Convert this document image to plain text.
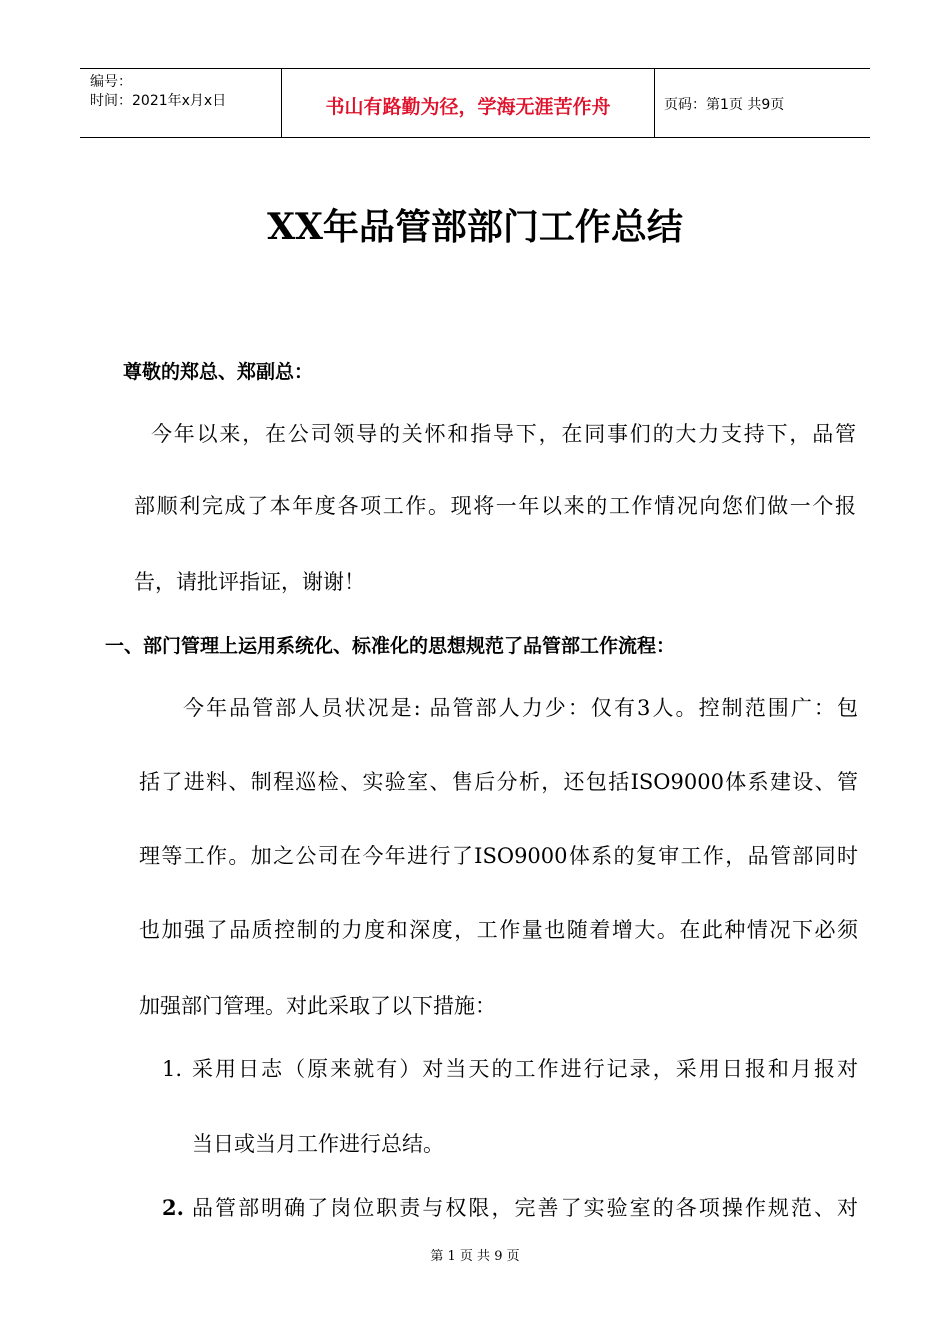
编号：
时间：2021年x月x日	书山有路勤为径，学海无涯苦作舟	页码：第1页 共9页
XX年品管部部门工作总结
尊敬的郑总、郑副总：
今年以来，在公司领导的关怀和指导下，在同事们的大力支持下，品管
部顺利完成了本年度各项工作。现将一年以来的工作情况向您们做一个报
告，请批评指证，谢谢！
一、部门管理上运用系统化、标准化的思想规范了品管部工作流程：
今年品管部人员状况是: 品管部人力少：仅有3人。控制范围广：包
括了进料、制程巡检、实验室、售后分析，还包括ISO9000体系建设、管
理等工作。加之公司在今年进行了ISO9000体系的复审工作，品管部同时
也加强了品质控制的力度和深度，工作量也随着增大。在此种情况下必须
加强部门管理。对此采取了以下措施：
1. 采用日志（原来就有）对当天的工作进行记录，采用日报和月报对
当日或当月工作进行总结。
2. 品管部明确了岗位职责与权限，完善了实验室的各项操作规范、对
第 1 页 共 9 页
